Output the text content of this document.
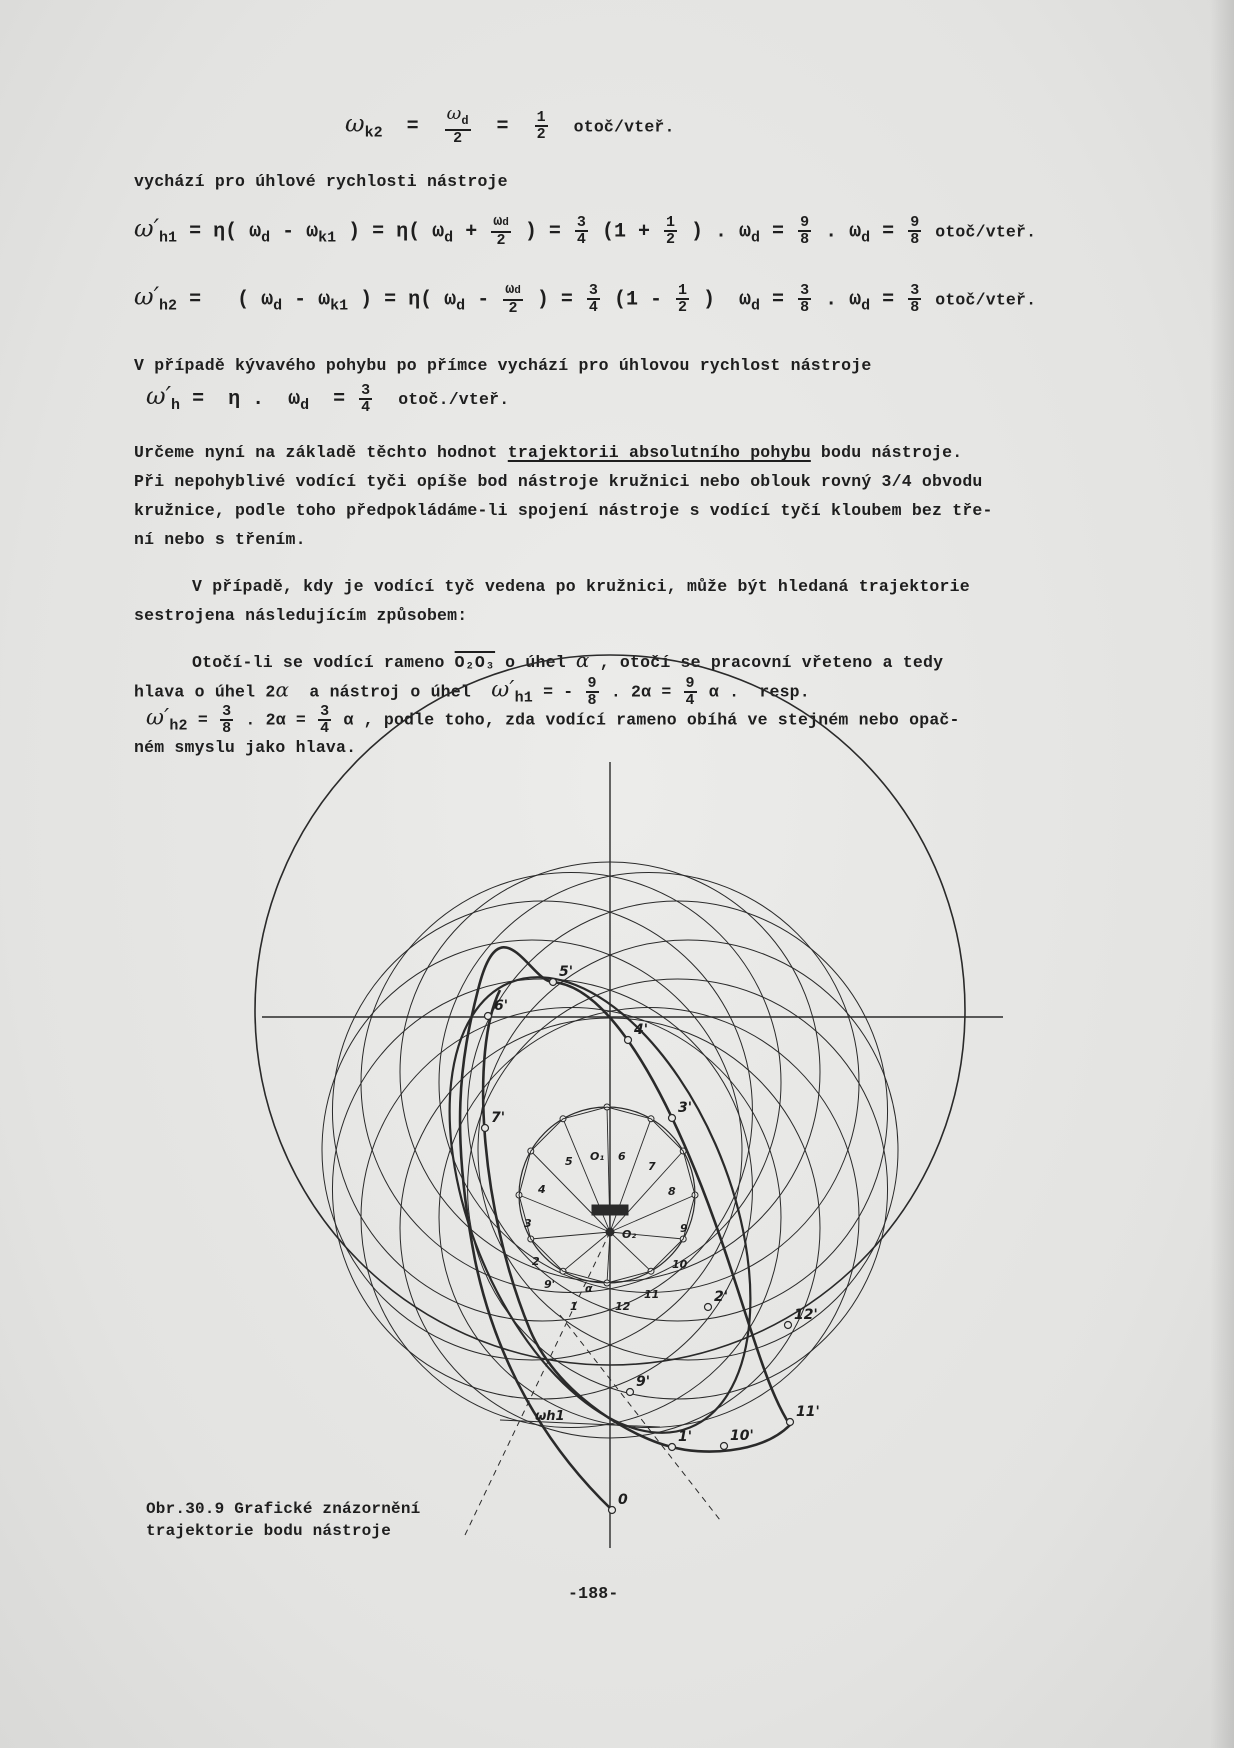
$\omega_{k2} = \frac{\omega_d}{2} = \frac{1}{2}$ otoč/vteř.
vychází pro úhlové rychlosti nástroje
$\omega'_{h1} = \eta$( $\omega_d - \omega_{k1}$ ) = η( $\omega_d + \frac{\omega d}{2}$ ) = $\frac{3}{4} (1 + \frac{1}{2}$ ) . $\omega_d = \frac{9}{8}$ . $\omega_d = \frac{9}{8}$ otoč/vteř.
$\omega'_{h2}$ =   ( $\omega_d - \omega_{k1}$ ) = η( $\omega_d - \frac{\omega d}{2}$ ) = $\frac{3}{4} (1 - \frac{1}{2}$ )  $\omega_d = \frac{3}{8}$ . $\omega_d = \frac{3}{8}$ otoč/vteř.
V případě kývavého pohybu po přímce vychází pro úhlovou rychlost nástroje
$\omega'_h = \eta$ .  $\omega_d = \frac{3}{4}$ otoč./vteř.
Určeme nyní na základě těchto hodnot trajektorii absolutního pohybu bodu nástroje.
Při nepohyblivé vodící tyči opíše bod nástroje kružnici nebo oblouk rovný 3/4 obvodu
kružnice, podle toho předpokládáme-li spojení nástroje s vodící tyčí kloubem bez tře-
ní nebo s třením.
V případě, kdy je vodící tyč vedena po kružnici, může být hledaná trajektorie
sestrojena následujícím způsobem:
Otočí-li se vodící rameno O₂O₃ o úhel α , otočí se pracovní vřeteno a tedy
hlava o úhel 2α  a nástroj o úhel ω′h1 = - $\frac{9}{8}$ . $2\alpha = \frac{9}{4}$ α .  resp.
$\omega'h2 = \frac{3}{8}$ . $2\alpha = \frac{3}{4}$ α , podle toho, zda vodící rameno obíhá ve stejném nebo opač-
ném smyslu jako hlava.
5'
4'
6'
3'
7'
2'
12'
9'
10'
11'
1'
0
5 O₁ 6
7
4	8
3
O₂	9
2	10
9'
1
11
12
ωh1
α
Obr.30.9 Grafické znázornění
trajektorie bodu nástroje
-188-
